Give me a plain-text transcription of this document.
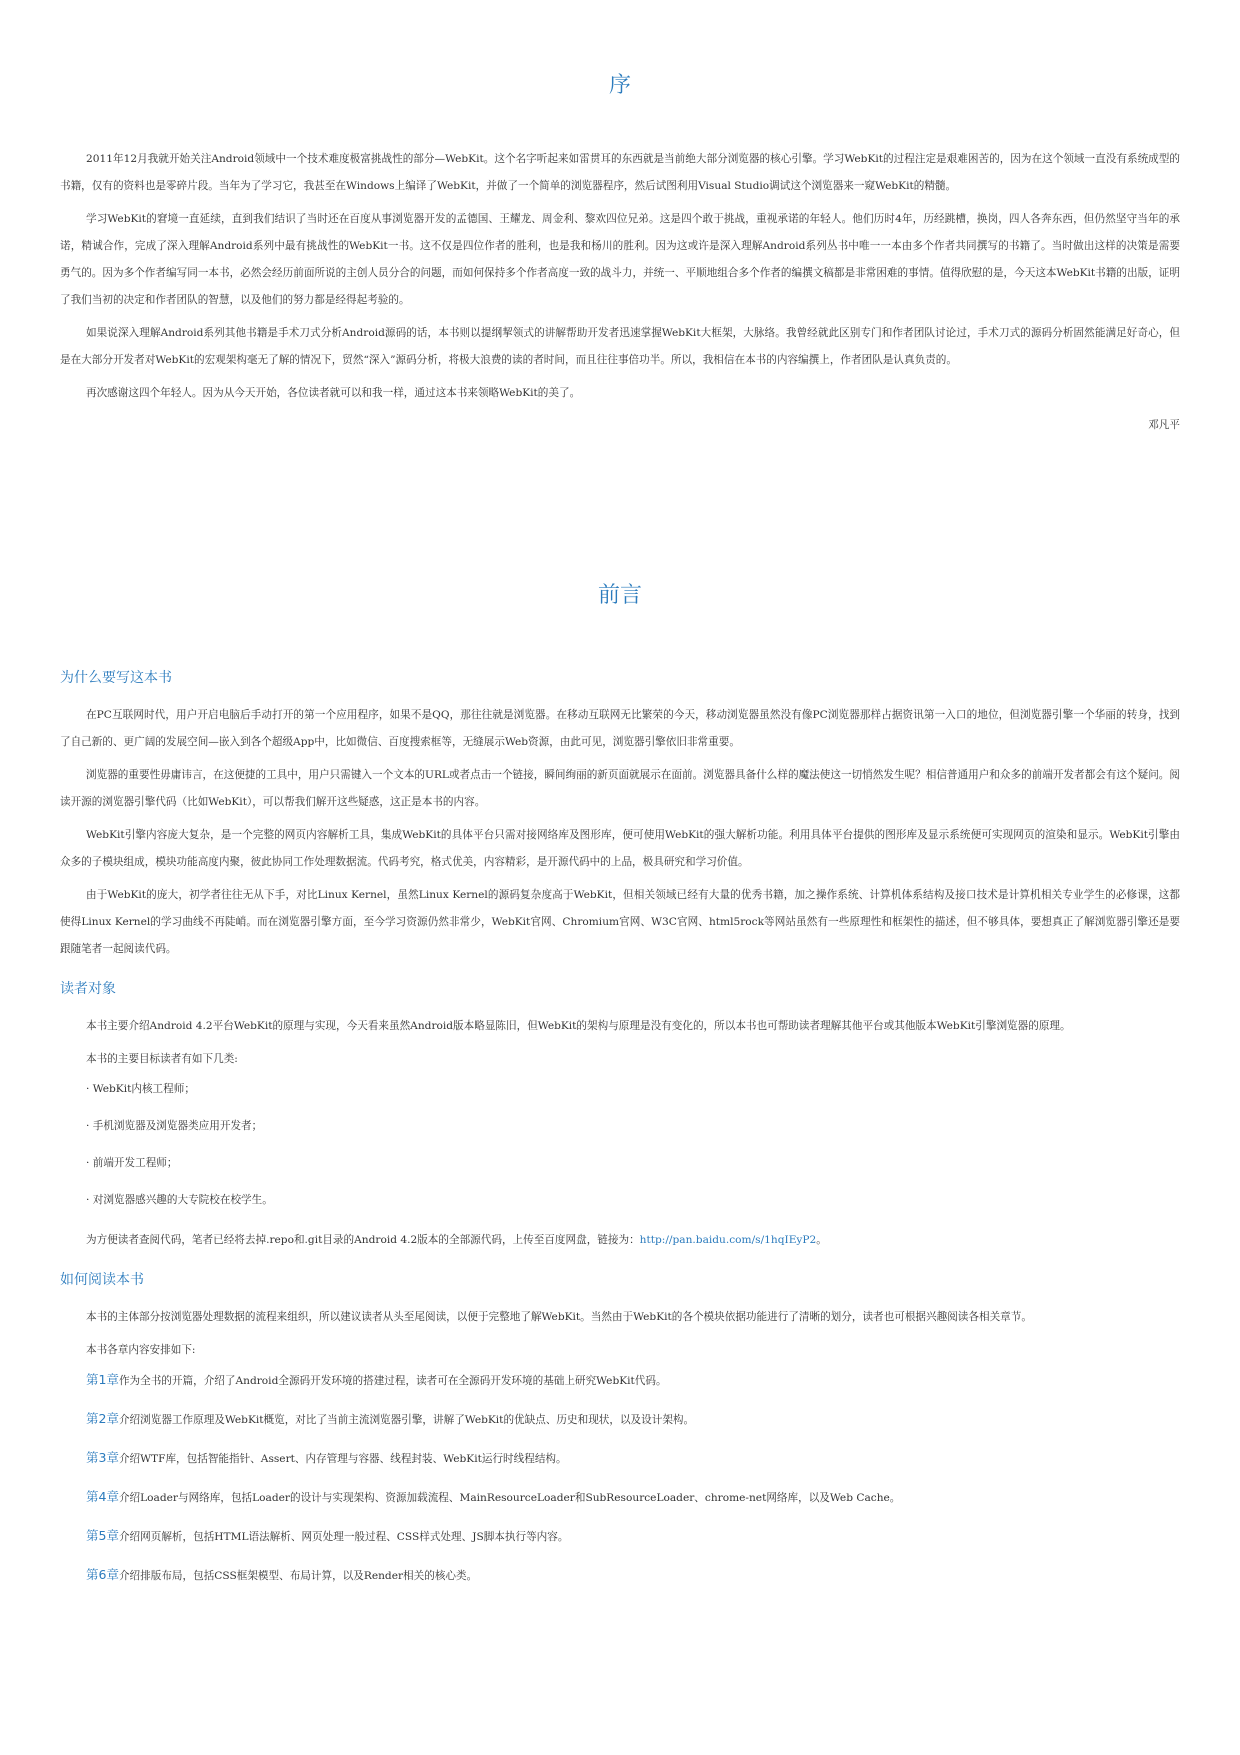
序

2011年12月我就开始关注Android领域中一个技术难度极富挑战性的部分—WebKit。这个名字听起来如雷贯耳的东西就是当前绝大部分浏览器的核心引擎。学习WebKit的过程注定是艰难困苦的，因为在这个领域一直没有系统成型的书籍，仅有的资料也是零碎片段。当年为了学习它，我甚至在Windows上编译了WebKit，并做了一个简单的浏览器程序，然后试图利用Visual Studio调试这个浏览器来一窥WebKit的精髓。

学习WebKit的窘境一直延续，直到我们结识了当时还在百度从事浏览器开发的孟德国、王耀龙、周金利、黎欢四位兄弟。这是四个敢于挑战，重视承诺的年轻人。他们历时4年，历经跳槽，换岗，四人各奔东西，但仍然坚守当年的承诺，精诚合作，完成了深入理解Android系列中最有挑战性的WebKit一书。这不仅是四位作者的胜利，也是我和杨川的胜利。因为这或许是深入理解Android系列丛书中唯一一本由多个作者共同撰写的书籍了。当时做出这样的决策是需要勇气的。因为多个作者编写同一本书，必然会经历前面所说的主创人员分合的问题，而如何保持多个作者高度一致的战斗力，并统一、平顺地组合多个作者的编撰文稿都是非常困难的事情。值得欣慰的是，今天这本WebKit书籍的出版，证明了我们当初的决定和作者团队的智慧，以及他们的努力都是经得起考验的。

如果说深入理解Android系列其他书籍是手术刀式分析Android源码的话，本书则以提纲挈领式的讲解帮助开发者迅速掌握WebKit大框架，大脉络。我曾经就此区别专门和作者团队讨论过，手术刀式的源码分析固然能满足好奇心，但是在大部分开发者对WebKit的宏观架构毫无了解的情况下，贸然“深入”源码分析，将极大浪费的读的者时间，而且往往事倍功半。所以，我相信在本书的内容编撰上，作者团队是认真负责的。

再次感谢这四个年轻人。因为从今天开始，各位读者就可以和我一样，通过这本书来领略WebKit的美了。

邓凡平
前言
为什么要写这本书

在PC互联网时代，用户开启电脑后手动打开的第一个应用程序，如果不是QQ，那往往就是浏览器。在移动互联网无比繁荣的今天，移动浏览器虽然没有像PC浏览器那样占据资讯第一入口的地位，但浏览器引擎一个华丽的转身，找到了自己新的、更广阔的发展空间—嵌入到各个超级App中，比如微信、百度搜索框等，无缝展示Web资源，由此可见，浏览器引擎依旧非常重要。

浏览器的重要性毋庸讳言，在这便捷的工具中，用户只需键入一个文本的URL或者点击一个链接，瞬间绚丽的新页面就展示在面前。浏览器具备什么样的魔法使这一切悄然发生呢？相信普通用户和众多的前端开发者都会有这个疑问。阅读开源的浏览器引擎代码（比如WebKit），可以帮我们解开这些疑惑，这正是本书的内容。

WebKit引擎内容庞大复杂，是一个完整的网页内容解析工具，集成WebKit的具体平台只需对接网络库及图形库，便可使用WebKit的强大解析功能。利用具体平台提供的图形库及显示系统便可实现网页的渲染和显示。WebKit引擎由众多的子模块组成，模块功能高度内聚，彼此协同工作处理数据流。代码考究，格式优美，内容精彩，是开源代码中的上品，极具研究和学习价值。

由于WebKit的庞大，初学者往往无从下手，对比Linux Kernel，虽然Linux Kernel的源码复杂度高于WebKit，但相关领域已经有大量的优秀书籍，加之操作系统、计算机体系结构及接口技术是计算机相关专业学生的必修课，这都使得Linux Kernel的学习曲线不再陡峭。而在浏览器引擎方面，至今学习资源仍然非常少，WebKit官网、Chromium官网、W3C官网、html5rock等网站虽然有一些原理性和框架性的描述，但不够具体，要想真正了解浏览器引擎还是要跟随笔者一起阅读代码。

读者对象

本书主要介绍Android 4.2平台WebKit的原理与实现，今天看来虽然Android版本略显陈旧，但WebKit的架构与原理是没有变化的，所以本书也可帮助读者理解其他平台或其他版本WebKit引擎浏览器的原理。

本书的主要目标读者有如下几类:

· WebKit内核工程师；
· 手机浏览器及浏览器类应用开发者；
· 前端开发工程师；
· 对浏览器感兴趣的大专院校在校学生。

为方便读者查阅代码，笔者已经将去掉.repo和.git目录的Android 4.2版本的全部源代码，上传至百度网盘，链接为：http://pan.baidu.com/s/1hqIEyP2。

如何阅读本书

本书的主体部分按浏览器处理数据的流程来组织，所以建议读者从头至尾阅读，以便于完整地了解WebKit。当然由于WebKit的各个模块依据功能进行了清晰的划分，读者也可根据兴趣阅读各相关章节。

本书各章内容安排如下:

第1章作为全书的开篇，介绍了Android全源码开发环境的搭建过程，读者可在全源码开发环境的基础上研究WebKit代码。
第2章介绍浏览器工作原理及WebKit概览，对比了当前主流浏览器引擎，讲解了WebKit的优缺点、历史和现状，以及设计架构。
第3章介绍WTF库，包括智能指针、Assert、内存管理与容器、线程封装、WebKit运行时线程结构。
第4章介绍Loader与网络库，包括Loader的设计与实现架构、资源加载流程、MainResourceLoader和SubResourceLoader、chrome-net网络库，以及Web Cache。
第5章介绍网页解析，包括HTML语法解析、网页处理一般过程、CSS样式处理、JS脚本执行等内容。
第6章介绍排版布局，包括CSS框架模型、布局计算，以及Render相关的核心类。
